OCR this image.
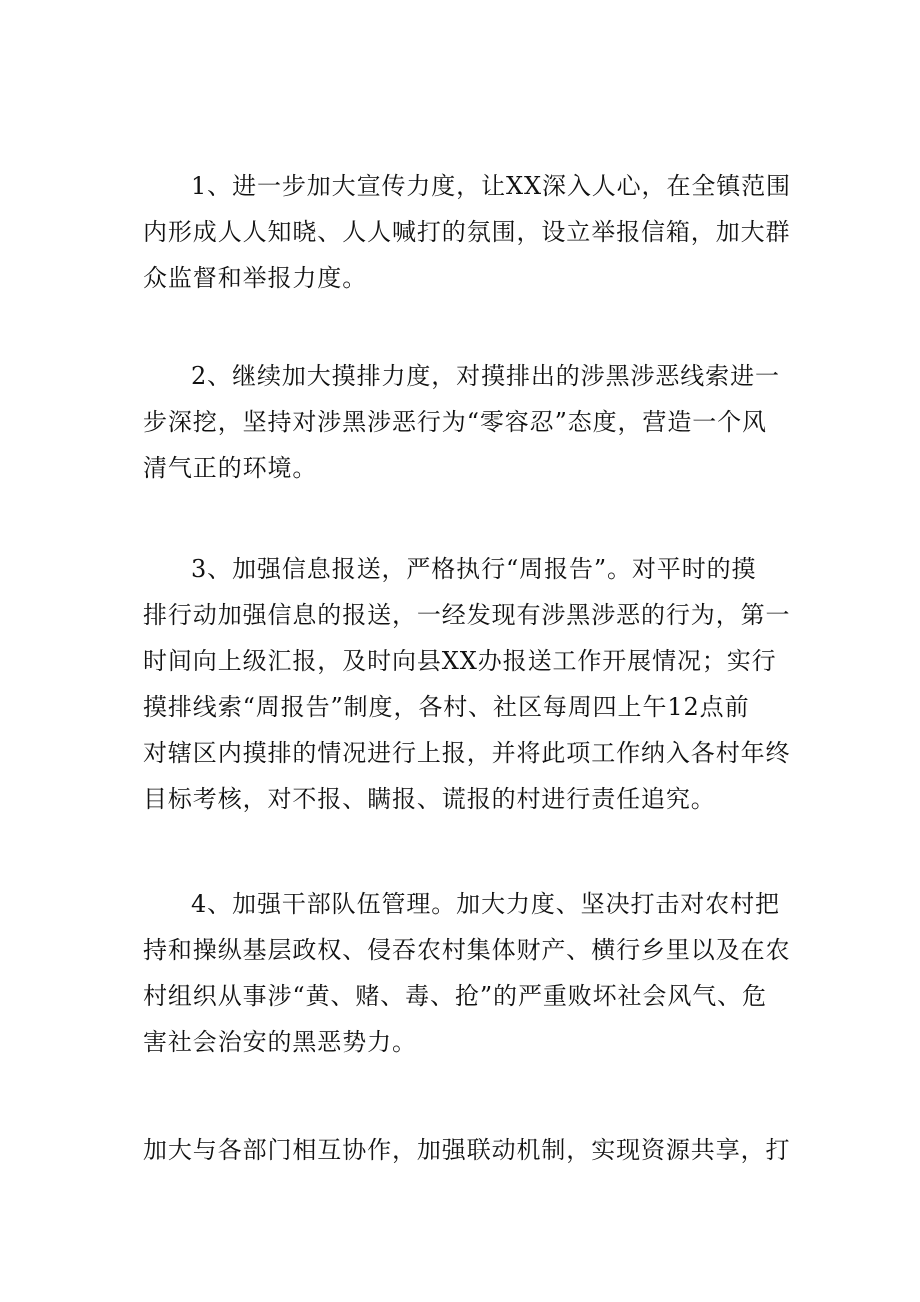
1、进一步加大宣传力度，让XX深入人心，在全镇范围
内形成人人知晓、人人喊打的氛围，设立举报信箱，加大群
众监督和举报力度。
2、继续加大摸排力度，对摸排出的涉黑涉恶线索进一
步深挖，坚持对涉黑涉恶行为“零容忍”态度，营造一个风
清气正的环境。
3、加强信息报送，严格执行“周报告”。对平时的摸
排行动加强信息的报送，一经发现有涉黑涉恶的行为，第一
时间向上级汇报，及时向县XX办报送工作开展情况；实行
摸排线索“周报告”制度，各村、社区每周四上午12点前
对辖区内摸排的情况进行上报，并将此项工作纳入各村年终
目标考核，对不报、瞒报、谎报的村进行责任追究。
4、加强干部队伍管理。加大力度、坚决打击对农村把
持和操纵基层政权、侵吞农村集体财产、横行乡里以及在农
村组织从事涉“黄、赌、毒、抢”的严重败坏社会风气、危
害社会治安的黑恶势力。
加大与各部门相互协作，加强联动机制，实现资源共享，打
